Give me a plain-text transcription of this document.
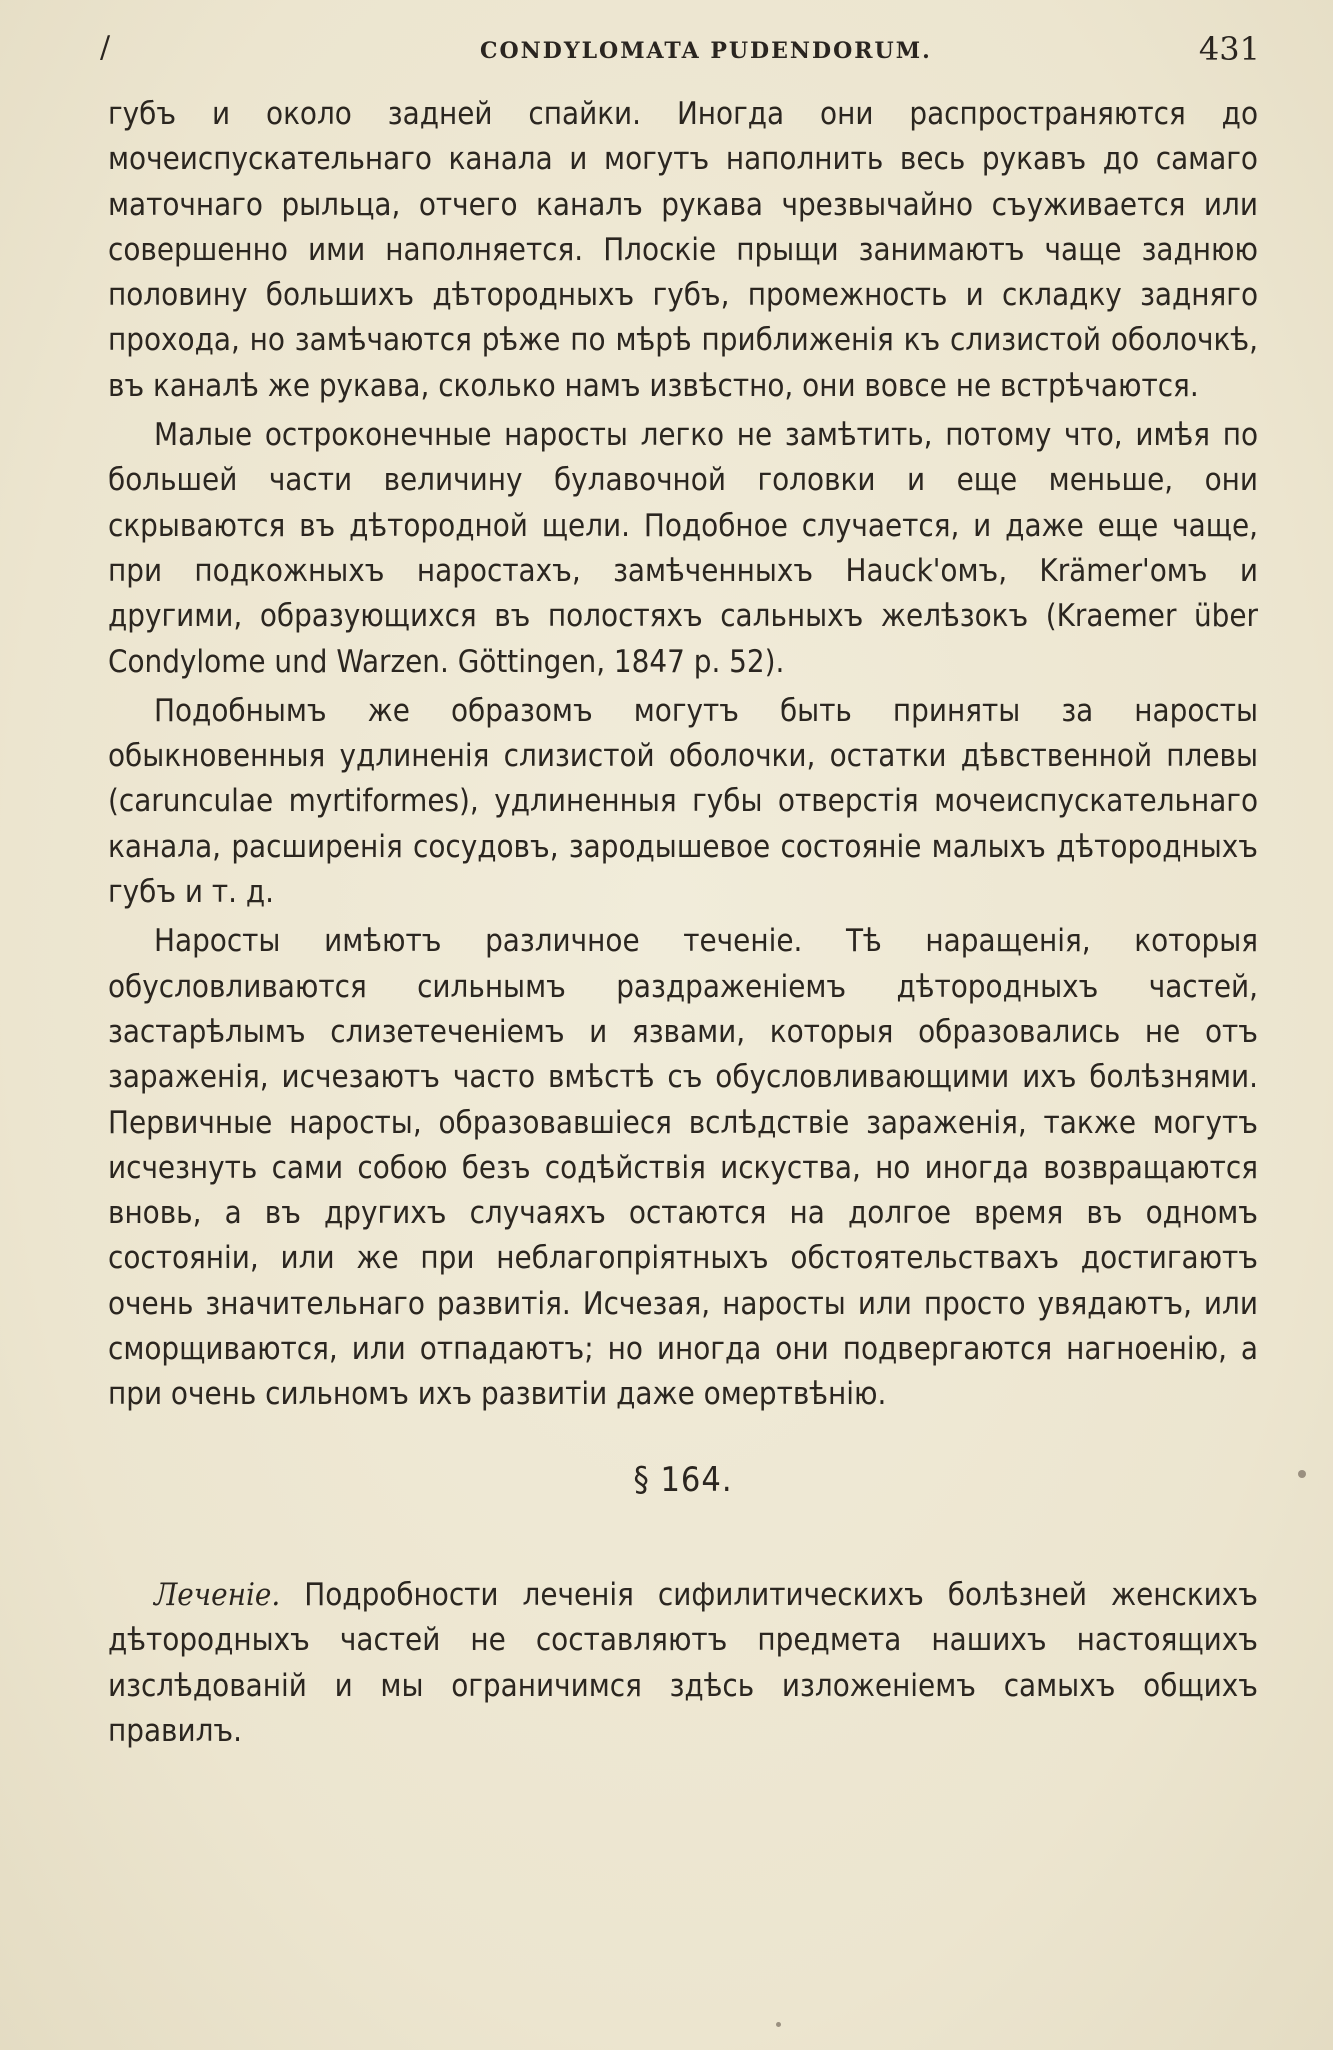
/	CONDYLOMATA PUDENDORUM.	431

губъ и около задней спайки. Иногда они распространяются до мочеиспускательнаго канала и могутъ наполнить весь рукавъ до самаго маточнаго рыльца, отчего каналъ рукава чрезвычайно съуживается или совершенно ими наполняется. Плоскіе прыщи занимаютъ чаще заднюю половину большихъ дѣтородныхъ губъ, промежность и складку задняго прохода, но замѣчаются рѣже по мѣрѣ приближенія къ слизистой оболочкѣ, въ каналѣ же рукава, сколько намъ извѣстно, они вовсе не встрѣчаются.

Малые остроконечные наросты легко не замѣтить, потому что, имѣя по большей части величину булавочной головки и еще меньше, они скрываются въ дѣтородной щели. Подобное случается, и даже еще чаще, при подкожныхъ наростахъ, замѣченныхъ Hauck'омъ, Krämer'омъ и другими, образующихся въ полостяхъ сальныхъ желѣзокъ (Kraemer über Condylome und Warzen. Göttingen, 1847 p. 52).

Подобнымъ же образомъ могутъ быть приняты за наросты обыкновенныя удлиненія слизистой оболочки, остатки дѣвственной плевы (carunculae myrtiformes), удлиненныя губы отверстія мочеиспускательнаго канала, расширенія сосудовъ, зародышевое состояніе малыхъ дѣтородныхъ губъ и т. д.

Наросты имѣютъ различное теченіе. Тѣ наращенія, которыя обусловливаются сильнымъ раздраженіемъ дѣтородныхъ частей, застарѣлымъ слизетеченіемъ и язвами, которыя образовались не отъ зараженія, исчезаютъ часто вмѣстѣ съ обусловливающими ихъ болѣзнями. Первичные наросты, образовавшіеся вслѣдствіе зараженія, также могутъ исчезнуть сами собою безъ содѣйствія искуства, но иногда возвращаются вновь, а въ другихъ случаяхъ остаются на долгое время въ одномъ состояніи, или же при неблагопріятныхъ обстоятельствахъ достигаютъ очень значительнаго развитія. Исчезая, наросты или просто увядаютъ, или сморщиваются, или отпадаютъ; но иногда они подвергаются нагноенію, а при очень сильномъ ихъ развитіи даже омертвѣнію.

§ 164.

Леченіе. Подробности леченія сифилитическихъ болѣзней женскихъ дѣтородныхъ частей не составляютъ предмета нашихъ настоящихъ изслѣдованій и мы ограничимся здѣсь изложеніемъ самыхъ общихъ правилъ.
